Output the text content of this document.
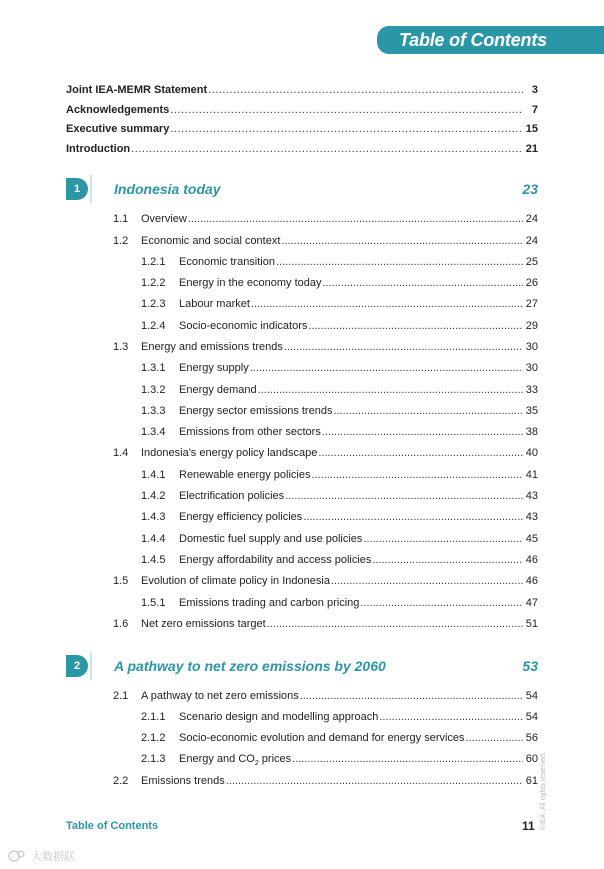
Table of Contents
Joint IEA-MEMR Statement .....	3
Acknowledgements .....	7
Executive summary .....	15
Introduction .....	21
1	Indonesia today	23
1.1	Overview .....	24
1.2	Economic and social context .....	24
1.2.1	Economic transition .....	25
1.2.2	Energy in the economy today .....	26
1.2.3	Labour market .....	27
1.2.4	Socio-economic indicators .....	29
1.3	Energy and emissions trends .....	30
1.3.1	Energy supply .....	30
1.3.2	Energy demand .....	33
1.3.3	Energy sector emissions trends .....	35
1.3.4	Emissions from other sectors .....	38
1.4	Indonesia's energy policy landscape .....	40
1.4.1	Renewable energy policies .....	41
1.4.2	Electrification policies .....	43
1.4.3	Energy efficiency policies .....	43
1.4.4	Domestic fuel supply and use policies .....	45
1.4.5	Energy affordability and access policies .....	46
1.5	Evolution of climate policy in Indonesia .....	46
1.5.1	Emissions trading and carbon pricing .....	47
1.6	Net zero emissions target .....	51
2	A pathway to net zero emissions by 2060	53
2.1	A pathway to net zero emissions .....	54
2.1.1	Scenario design and modelling approach .....	54
2.1.2	Socio-economic evolution and demand for energy services .....	56
2.1.3	Energy and $CO_2$ prices .....	60
2.2	Emissions trends .....	61
Table of Contents	11 ©IEA. All rights reserved.
大数据联
